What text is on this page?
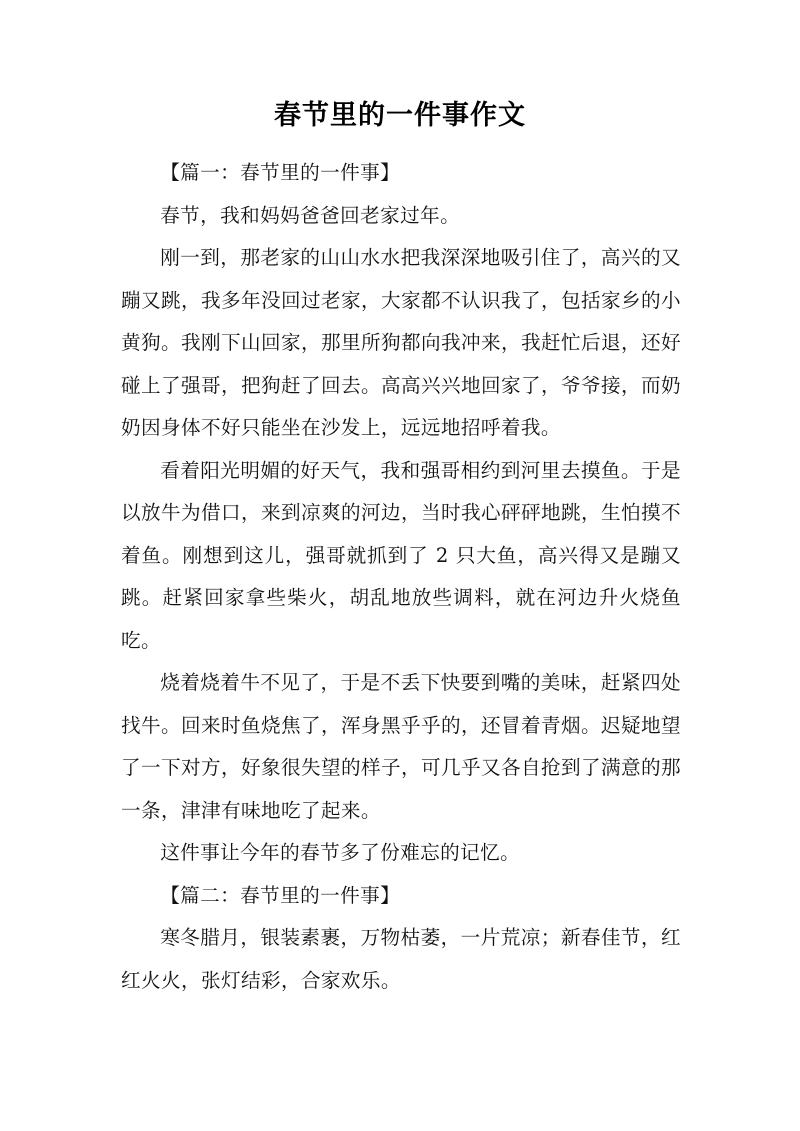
春节里的一件事作文

【篇一：春节里的一件事】

春节，我和妈妈爸爸回老家过年。

刚一到，那老家的山山水水把我深深地吸引住了，高兴的又蹦又跳，我多年没回过老家，大家都不认识我了，包括家乡的小黄狗。我刚下山回家，那里所狗都向我冲来，我赶忙后退，还好碰上了强哥，把狗赶了回去。高高兴兴地回家了，爷爷接，而奶奶因身体不好只能坐在沙发上，远远地招呼着我。

看着阳光明媚的好天气，我和强哥相约到河里去摸鱼。于是以放牛为借口，来到凉爽的河边，当时我心砰砰地跳，生怕摸不着鱼。刚想到这儿，强哥就抓到了 2 只大鱼，高兴得又是蹦又跳。赶紧回家拿些柴火，胡乱地放些调料，就在河边升火烧鱼吃。

烧着烧着牛不见了，于是不丢下快要到嘴的美味，赶紧四处找牛。回来时鱼烧焦了，浑身黑乎乎的，还冒着青烟。迟疑地望了一下对方，好象很失望的样子，可几乎又各自抢到了满意的那一条，津津有味地吃了起来。

这件事让今年的春节多了份难忘的记忆。

【篇二：春节里的一件事】

寒冬腊月，银装素裹，万物枯萎，一片荒凉；新春佳节，红红火火，张灯结彩，合家欢乐。
